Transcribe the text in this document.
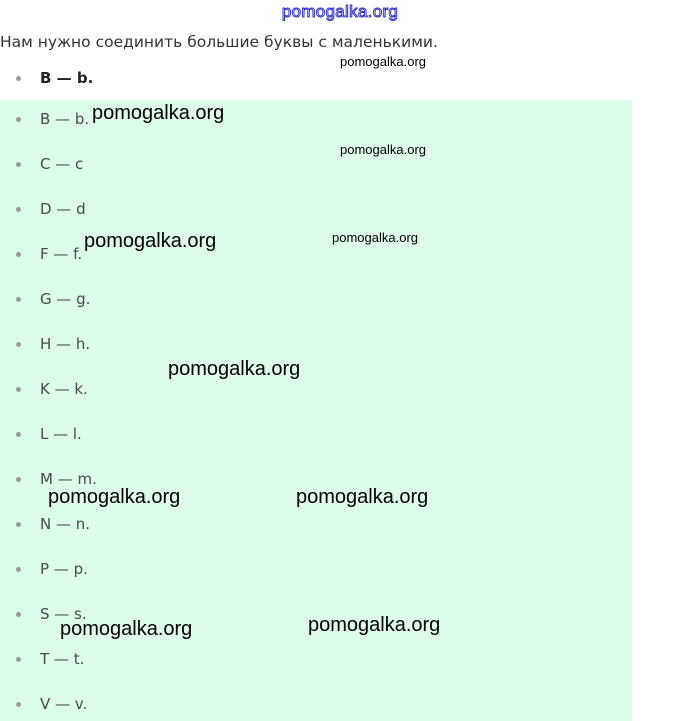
pomogalka.org
Нам нужно соединить большие буквы с маленькими.
B — b.
B — b.
C — c
D — d
F — f.
G — g.
H — h.
K — k.
L — l.
M — m.
N — n.
P — p.
S — s.
T — t.
V — v.
pomogalka.org
pomogalka.org
pomogalka.org
pomogalka.org	pomogalka.org
pomogalka.org
pomogalka.org	pomogalka.org
pomogalka.org	pomogalka.org
